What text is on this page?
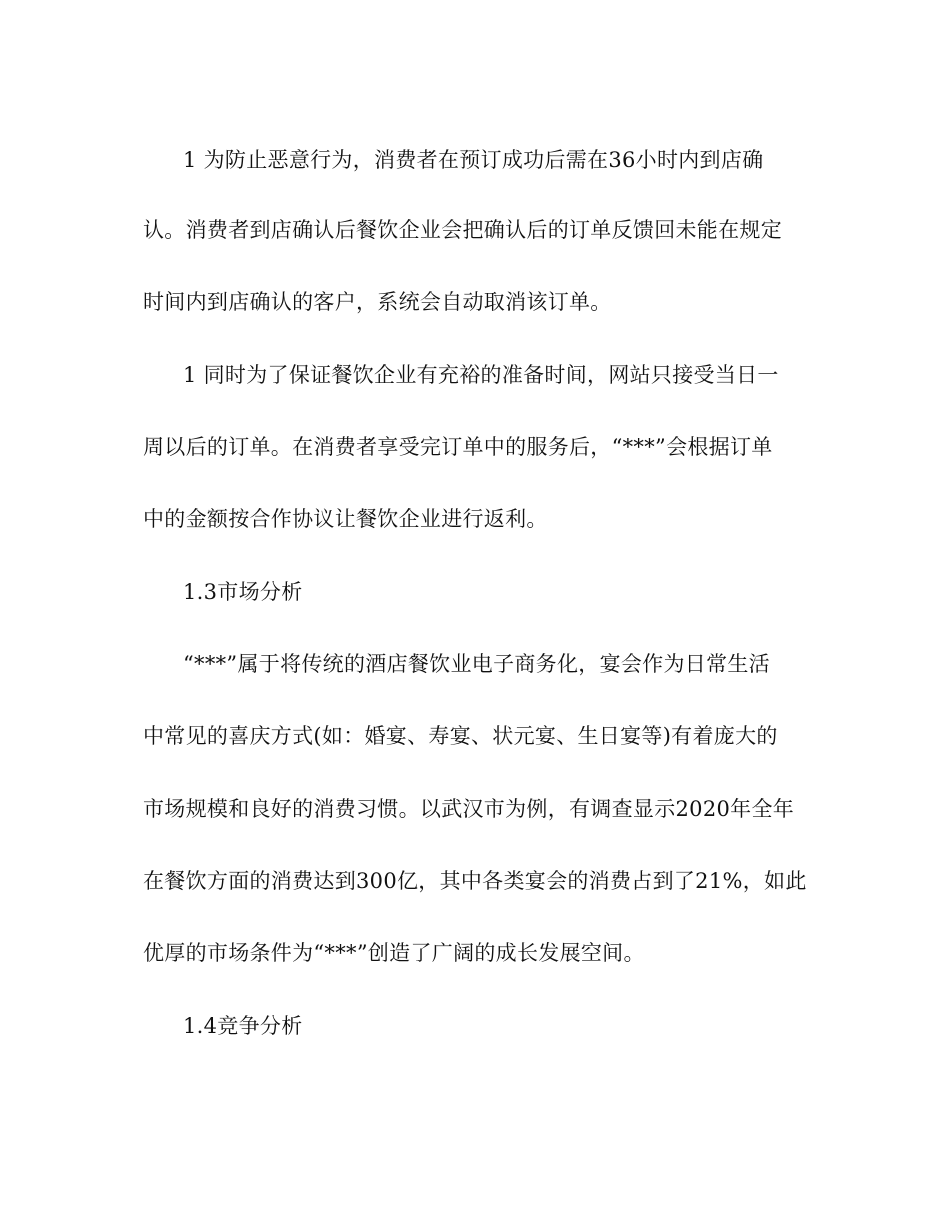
1 为防止恶意行为，消费者在预订成功后需在36小时内到店确
认。消费者到店确认后餐饮企业会把确认后的订单反馈回未能在规定
时间内到店确认的客户，系统会自动取消该订单。
1 同时为了保证餐饮企业有充裕的准备时间，网站只接受当日一
周以后的订单。在消费者享受完订单中的服务后，“***”会根据订单
中的金额按合作协议让餐饮企业进行返利。
1.3市场分析
“***”属于将传统的酒店餐饮业电子商务化，宴会作为日常生活
中常见的喜庆方式(如：婚宴、寿宴、状元宴、生日宴等)有着庞大的
市场规模和良好的消费习惯。以武汉市为例，有调查显示2020年全年
在餐饮方面的消费达到300亿，其中各类宴会的消费占到了21%，如此
优厚的市场条件为“***”创造了广阔的成长发展空间。
1.4竞争分析
